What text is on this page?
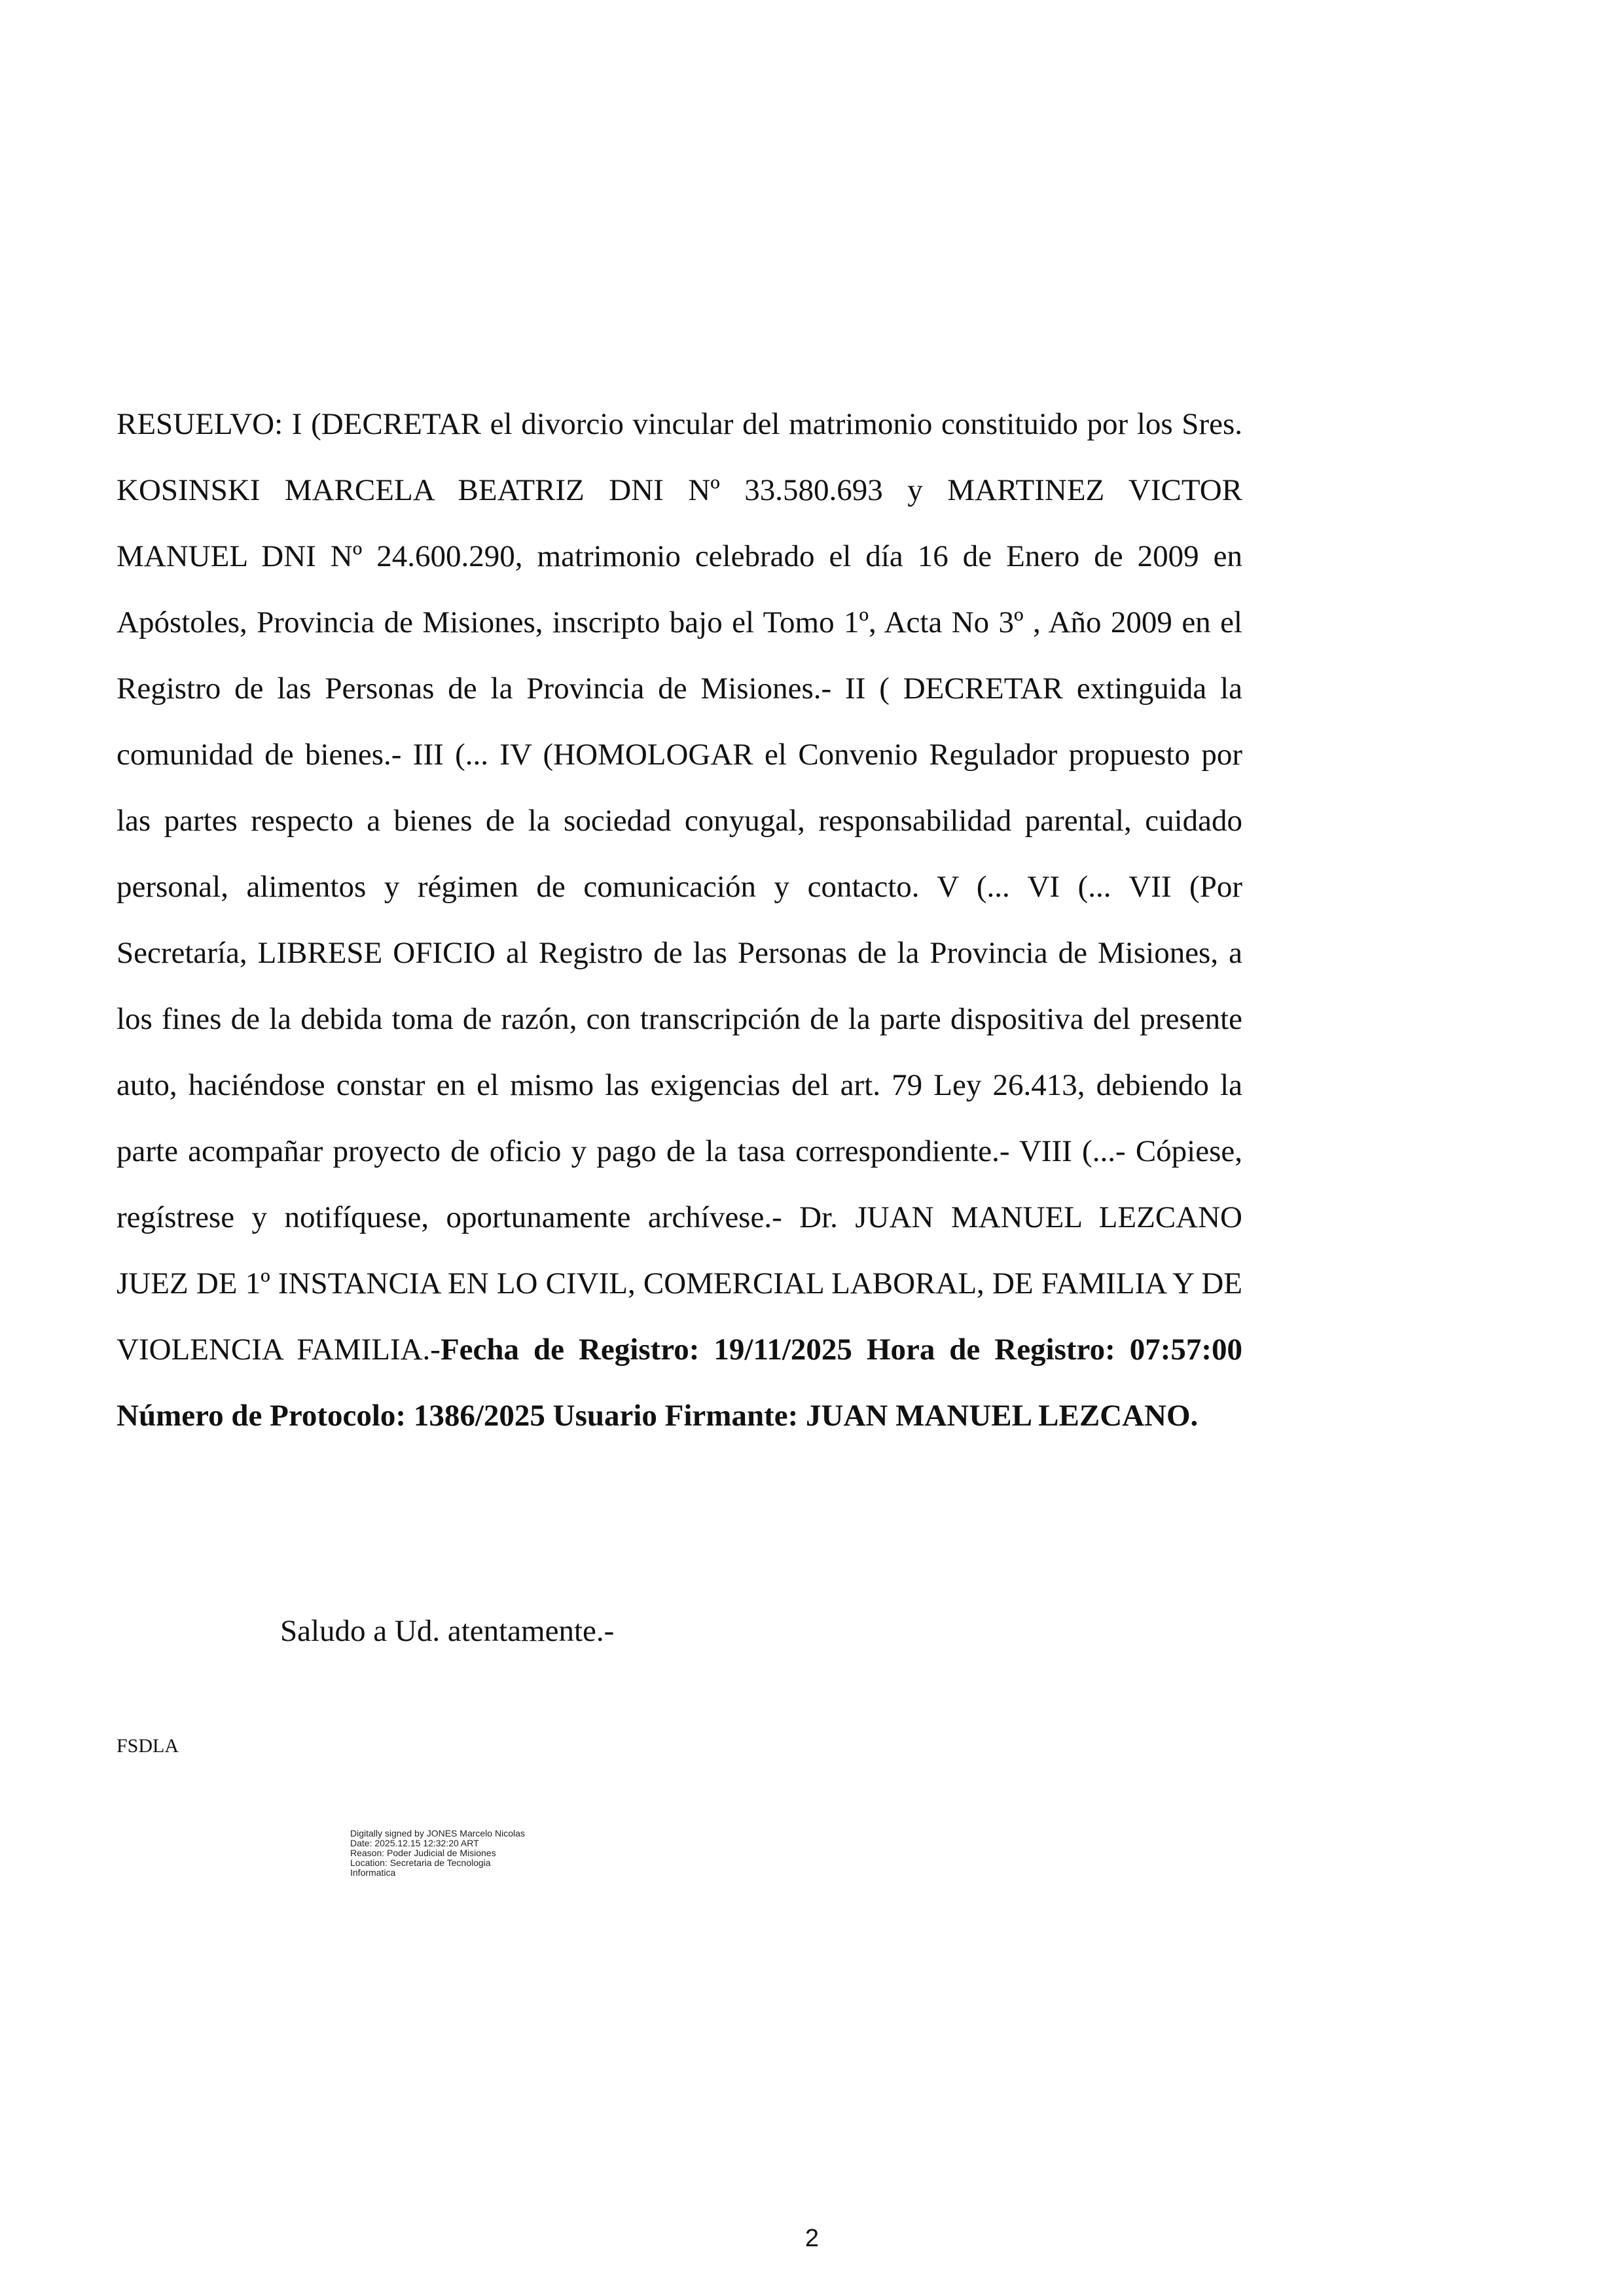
RESUELVO: I (DECRETAR el divorcio vincular del matrimonio constituido por los Sres. KOSINSKI MARCELA BEATRIZ DNI Nº 33.580.693 y MARTINEZ VICTOR MANUEL DNI Nº 24.600.290, matrimonio celebrado el día 16 de Enero de 2009 en Apóstoles, Provincia de Misiones, inscripto bajo el Tomo 1º, Acta No 3º , Año 2009 en el Registro de las Personas de la Provincia de Misiones.- II ( DECRETAR extinguida la comunidad de bienes.- III (... IV (HOMOLOGAR el Convenio Regulador propuesto por las partes respecto a bienes de la sociedad conyugal, responsabilidad parental, cuidado personal, alimentos y régimen de comunicación y contacto. V (... VI (... VII (Por Secretaría, LIBRESE OFICIO al Registro de las Personas de la Provincia de Misiones, a los fines de la debida toma de razón, con transcripción de la parte dispositiva del presente auto, haciéndose constar en el mismo las exigencias del art. 79 Ley 26.413, debiendo la parte acompañar proyecto de oficio y pago de la tasa correspondiente.- VIII (...- Cópiese, regístrese y notifíquese, oportunamente archívese.- Dr. JUAN MANUEL LEZCANO JUEZ DE 1º INSTANCIA EN LO CIVIL, COMERCIAL LABORAL, DE FAMILIA Y DE VIOLENCIA FAMILIA.-Fecha de Registro: 19/11/2025 Hora de Registro: 07:57:00 Número de Protocolo: 1386/2025 Usuario Firmante: JUAN MANUEL LEZCANO.

Saludo a Ud. atentamente.-

FSDLA

Digitally signed by JONES Marcelo Nicolas
Date: 2025.12.15 12:32:20 ART
Reason: Poder Judicial de Misiones
Location: Secretaria de Tecnologia
Informatica
2
